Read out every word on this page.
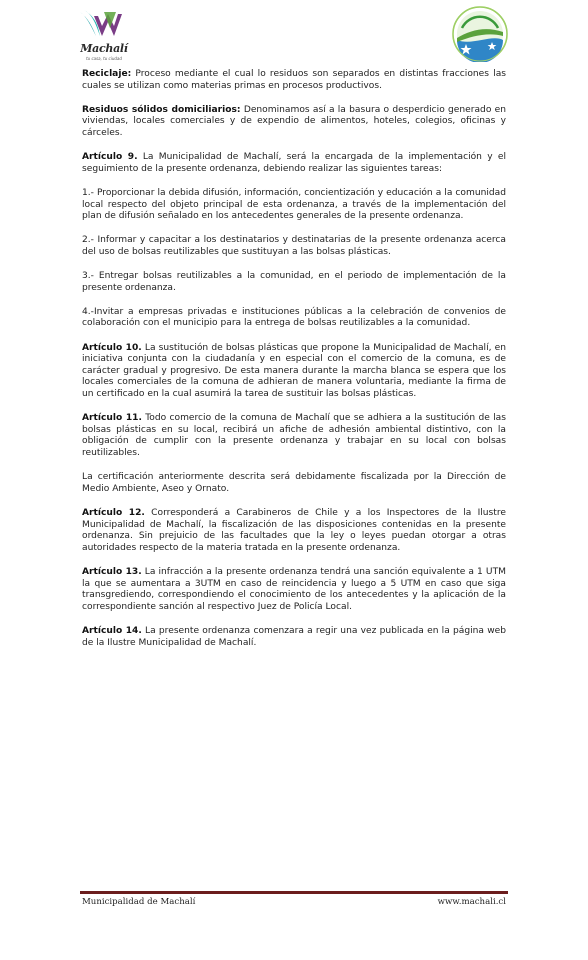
Machalí
tu casa, tu ciudad

Reciclaje: Proceso mediante el cual lo residuos son separados en distintas fracciones las cuales se utilizan como materias primas en procesos productivos.

Residuos sólidos domiciliarios: Denominamos así a la basura o desperdicio generado en viviendas, locales comerciales y de expendio de alimentos, hoteles, colegios, oficinas y cárceles.

Artículo 9. La Municipalidad de Machalí, será la encargada de la implementación y el seguimiento de la presente ordenanza, debiendo realizar las siguientes tareas:

1.- Proporcionar la debida difusión, información, concientización y educación a la comunidad local respecto del objeto principal de esta ordenanza, a través de la implementación del plan de difusión señalado en los antecedentes generales de la presente ordenanza.

2.- Informar y capacitar a los destinatarios y destinatarias de la presente ordenanza acerca del uso de bolsas reutilizables que sustituyan a las bolsas plásticas.

3.- Entregar bolsas reutilizables a la comunidad, en el periodo de implementación de la presente ordenanza.

4.-Invitar a empresas privadas e instituciones públicas a la celebración de convenios de colaboración con el municipio para la entrega de bolsas reutilizables a la comunidad.

Artículo 10. La sustitución de bolsas plásticas que propone la Municipalidad de Machalí, en iniciativa conjunta con la ciudadanía y en especial con el comercio de la comuna, es de carácter gradual y progresivo. De esta manera durante la marcha blanca se espera que los locales comerciales de la comuna de adhieran de manera voluntaria, mediante la firma de un certificado en la cual asumirá la tarea de sustituir las bolsas plásticas.

Artículo 11. Todo comercio de la comuna de Machalí que se adhiera a la sustitución de las bolsas plásticas en su local, recibirá un afiche de adhesión ambiental distintivo, con la obligación de cumplir con la presente ordenanza y trabajar en su local con bolsas reutilizables.

La certificación anteriormente descrita será debidamente fiscalizada por la Dirección de Medio Ambiente, Aseo y Ornato.

Artículo 12. Corresponderá a Carabineros de Chile y a los Inspectores de la Ilustre Municipalidad de Machalí, la fiscalización de las disposiciones contenidas en la presente ordenanza. Sin prejuicio de las facultades que la ley o leyes puedan otorgar a otras autoridades respecto de la materia tratada en la presente ordenanza.

Artículo 13. La infracción a la presente ordenanza tendrá una sanción equivalente a 1 UTM la que se aumentara a 3UTM en caso de reincidencia y luego a 5 UTM en caso que siga transgrediendo, correspondiendo el conocimiento de los antecedentes y la aplicación de la correspondiente sanción al respectivo Juez de Policía Local.

Artículo 14. La presente ordenanza comenzara a regir una vez publicada en la página web de la Ilustre Municipalidad de Machalí.

Municipalidad de Machalí	www.machali.cl
